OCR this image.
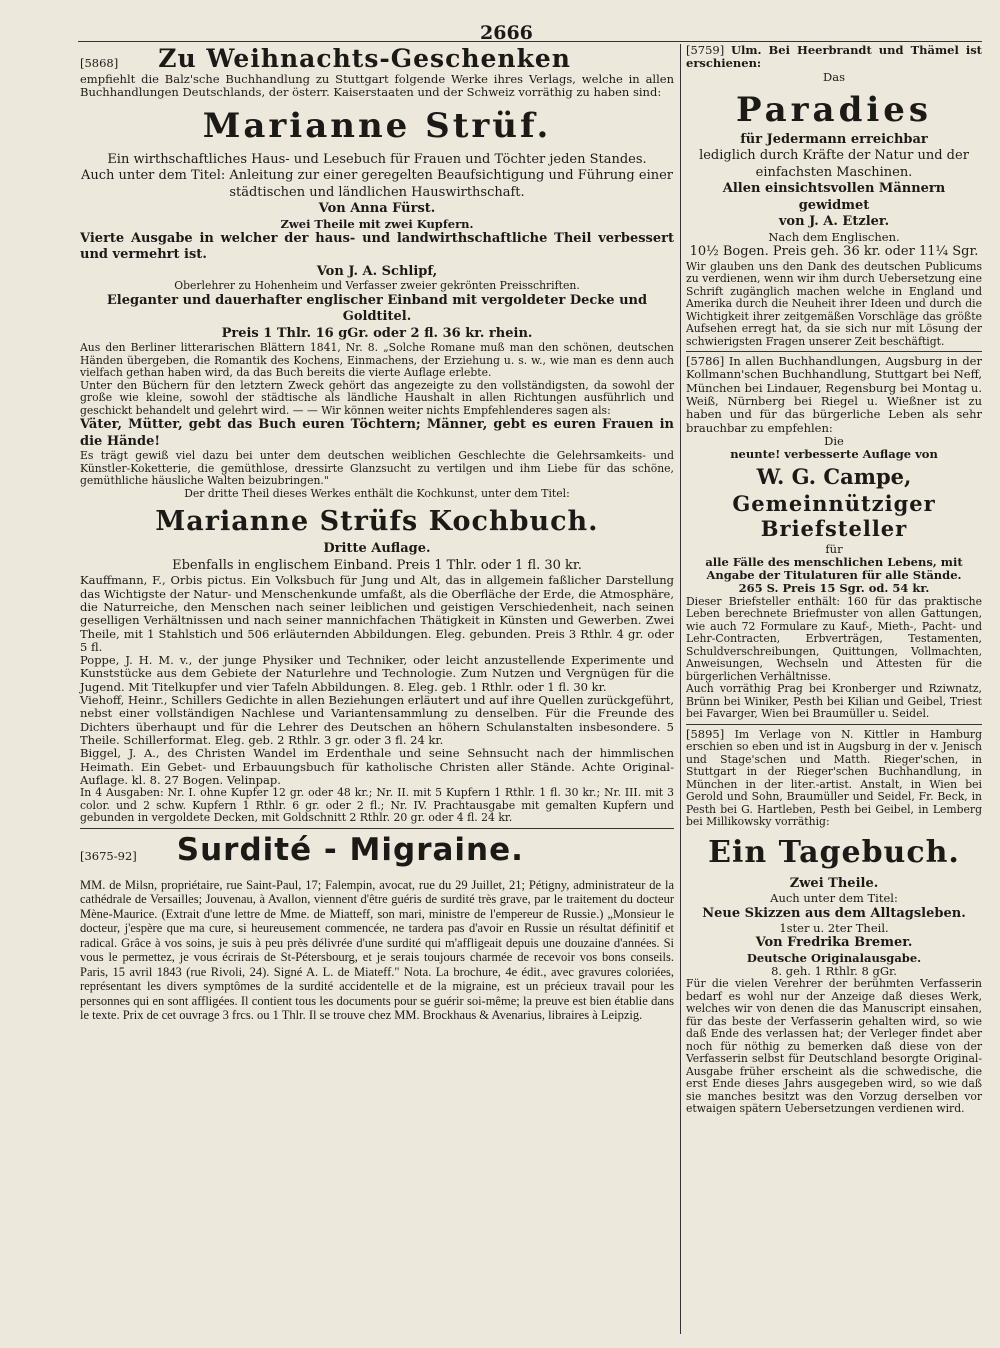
2666
[5868] Zu Weihnachts-Geschenken

empfiehlt die Balz'sche Buchhandlung zu Stuttgart folgende Werke ihres Verlags, welche in allen Buchhandlungen Deutschlands, der österr. Kaiserstaaten und der Schweiz vorräthig zu haben sind:

Marianne Strüf.

Ein wirthschaftliches Haus- und Lesebuch für Frauen und Töchter jeden Standes.

Auch unter dem Titel: Anleitung zur einer geregelten Beaufsichtigung und Führung einer städtischen und ländlichen Hauswirthschaft.

Von Anna Fürst.

Zwei Theile mit zwei Kupfern.

Vierte Ausgabe in welcher der haus- und landwirthschaftliche Theil verbessert und vermehrt ist.

Von J. A. Schlipf,

Oberlehrer zu Hohenheim und Verfasser zweier gekrönten Preisschriften.

Eleganter und dauerhafter englischer Einband mit vergoldeter Decke und Goldtitel.

Preis 1 Thlr. 16 gGr. oder 2 fl. 36 kr. rhein.

Aus den Berliner litterarischen Blättern 1841, Nr. 8. „Solche Romane muß man den schönen, deutschen Händen übergeben, die Romantik des Kochens, Einmachens, der Erziehung u. s. w., wie man es denn auch vielfach gethan haben wird, da das Buch bereits die vierte Auflage erlebte.

Unter den Büchern für den letztern Zweck gehört das angezeigte zu den vollständigsten, da sowohl der große wie kleine, sowohl der städtische als ländliche Haushalt in allen Richtungen ausführlich und geschickt behandelt und gelehrt wird. — — Wir können weiter nichts Empfehlenderes sagen als:

Väter, Mütter, gebt das Buch euren Töchtern; Männer, gebt es euren Frauen in die Hände!

Es trägt gewiß viel dazu bei unter dem deutschen weiblichen Geschlechte die Gelehrsamkeits- und Künstler-Koketterie, die gemüthlose, dressirte Glanzsucht zu vertilgen und ihm Liebe für das schöne, gemüthliche häusliche Walten beizubringen."

Der dritte Theil dieses Werkes enthält die Kochkunst, unter dem Titel:

Marianne Strüfs Kochbuch.

Dritte Auflage.

Ebenfalls in englischem Einband. Preis 1 Thlr. oder 1 fl. 30 kr.

Kauffmann, F., Orbis pictus. Ein Volksbuch für Jung und Alt, das in allgemein faßlicher Darstellung das Wichtigste der Natur- und Menschenkunde umfaßt, als die Oberfläche der Erde, die Atmosphäre, die Naturreiche, den Menschen nach seiner leiblichen und geistigen Verschiedenheit, nach seinen geselligen Verhältnissen und nach seiner mannichfachen Thätigkeit in Künsten und Gewerben. Zwei Theile, mit 1 Stahlstich und 506 erläuternden Abbildungen. Eleg. gebunden. Preis 3 Rthlr. 4 gr. oder 5 fl.

Poppe, J. H. M. v., der junge Physiker und Techniker, oder leicht anzustellende Experimente und Kunststücke aus dem Gebiete der Naturlehre und Technologie. Zum Nutzen und Vergnügen für die Jugend. Mit Titelkupfer und vier Tafeln Abbildungen. 8. Eleg. geb. 1 Rthlr. oder 1 fl. 30 kr.

Viehoff, Heinr., Schillers Gedichte in allen Beziehungen erläutert und auf ihre Quellen zurückgeführt, nebst einer vollständigen Nachlese und Variantensammlung zu denselben. Für die Freunde des Dichters überhaupt und für die Lehrer des Deutschen an höhern Schulanstalten insbesondere. 5 Theile. Schillerformat. Eleg. geb. 2 Rthlr. 3 gr. oder 3 fl. 24 kr.

Biggel, J. A., des Christen Wandel im Erdenthale und seine Sehnsucht nach der himmlischen Heimath. Ein Gebet- und Erbauungsbuch für katholische Christen aller Stände. Achte Original-Auflage. kl. 8. 27 Bogen. Velinpap.

In 4 Ausgaben: Nr. I. ohne Kupfer 12 gr. oder 48 kr.; Nr. II. mit 5 Kupfern 1 Rthlr. 1 fl. 30 kr.; Nr. III. mit 3 color. und 2 schw. Kupfern 1 Rthlr. 6 gr. oder 2 fl.; Nr. IV. Prachtausgabe mit gemalten Kupfern und gebunden in vergoldete Decken, mit Goldschnitt 2 Rthlr. 20 gr. oder 4 fl. 24 kr.

[3675-92] Surdité - Migraine.

MM. de Milsn, propriétaire, rue Saint-Paul, 17; Falempin, avocat, rue du 29 Juillet, 21; Pétigny, administrateur de la cathédrale de Versailles; Jouvenau, à Avallon, viennent d'être guéris de surdité très grave, par le traitement du docteur Mène-Maurice. (Extrait d'une lettre de Mme. de Miatteff, son mari, ministre de l'empereur de Russie.) „Monsieur le docteur, j'espère que ma cure, si heureusement commencée, ne tardera pas d'avoir en Russie un résultat définitif et radical. Grâce à vos soins, je suis à peu près délivrée d'une surdité qui m'affligeait depuis une douzaine d'années. Si vous le permettez, je vous écrirais de St-Pétersbourg, et je serais toujours charmée de recevoir vos bons conseils. Paris, 15 avril 1843 (rue Rivoli, 24). Signé A. L. de Miateff." Nota. La brochure, 4e édit., avec gravures coloriées, représentant les divers symptômes de la surdité accidentelle et de la migraine, est un précieux travail pour les personnes qui en sont affligées. Il contient tous les documents pour se guérir soi-même; la preuve est bien établie dans le texte. Prix de cet ouvrage 3 frcs. ou 1 Thlr. Il se trouve chez MM. Brockhaus & Avenarius, libraires à Leipzig.

[5759] Ulm. Bei Heerbrandt und Thämel ist erschienen:

Das

Paradies

für Jedermann erreichbar

lediglich durch Kräfte der Natur und der einfachsten Maschinen.

Allen einsichtsvollen Männern gewidmet

von J. A. Etzler.

Nach dem Englischen.

10½ Bogen. Preis geh. 36 kr. oder 11¼ Sgr.

Wir glauben uns den Dank des deutschen Publicums zu verdienen, wenn wir ihm durch Uebersetzung eine Schrift zugänglich machen welche in England und Amerika durch die Neuheit ihrer Ideen und durch die Wichtigkeit ihrer zeitgemäßen Vorschläge das größte Aufsehen erregt hat, da sie sich nur mit Lösung der schwierigsten Fragen unserer Zeit beschäftigt.

[5786] In allen Buchhandlungen, Augsburg in der Kollmann'schen Buchhandlung, Stuttgart bei Neff, München bei Lindauer, Regensburg bei Montag u. Weiß, Nürnberg bei Riegel u. Wießner ist zu haben und für das bürgerliche Leben als sehr brauchbar zu empfehlen:

Die

neunte! verbesserte Auflage von

W. G. Campe,

Gemeinnütziger Briefsteller

für

alle Fälle des menschlichen Lebens, mit Angabe der Titulaturen für alle Stände.

265 S. Preis 15 Sgr. od. 54 kr.

Dieser Briefsteller enthält: 160 für das praktische Leben berechnete Briefmuster von allen Gattungen, wie auch 72 Formulare zu Kauf-, Mieth-, Pacht- und Lehr-Contracten, Erbverträgen, Testamenten, Schuldverschreibungen, Quittungen, Vollmachten, Anweisungen, Wechseln und Attesten für die bürgerlichen Verhältnisse.

Auch vorräthig Prag bei Kronberger und Rziwnatz, Brünn bei Winiker, Pesth bei Kilian und Geibel, Triest bei Favarger, Wien bei Braumüller u. Seidel.

[5895] Im Verlage von N. Kittler in Hamburg erschien so eben und ist in Augsburg in der v. Jenisch und Stage'schen und Matth. Rieger'schen, in Stuttgart in der Rieger'schen Buchhandlung, in München in der liter.-artist. Anstalt, in Wien bei Gerold und Sohn, Braumüller und Seidel, Fr. Beck, in Pesth bei G. Hartleben, Pesth bei Geibel, in Lemberg bei Millikowsky vorräthig:

Ein Tagebuch.

Zwei Theile.

Auch unter dem Titel:

Neue Skizzen aus dem Alltagsleben.

1ster u. 2ter Theil.

Von Fredrika Bremer.

Deutsche Originalausgabe.

8. geh. 1 Rthlr. 8 gGr.

Für die vielen Verehrer der berühmten Verfasserin bedarf es wohl nur der Anzeige daß dieses Werk, welches wir von denen die das Manuscript einsahen, für das beste der Verfasserin gehalten wird, so wie daß Ende des verlassen hat; der Verleger findet aber noch für nöthig zu bemerken daß diese von der Verfasserin selbst für Deutschland besorgte Original-Ausgabe früher erscheint als die schwedische, die erst Ende dieses Jahrs ausgegeben wird, so wie daß sie manches besitzt was den Vorzug derselben vor etwaigen spätern Uebersetzungen verdienen wird.
